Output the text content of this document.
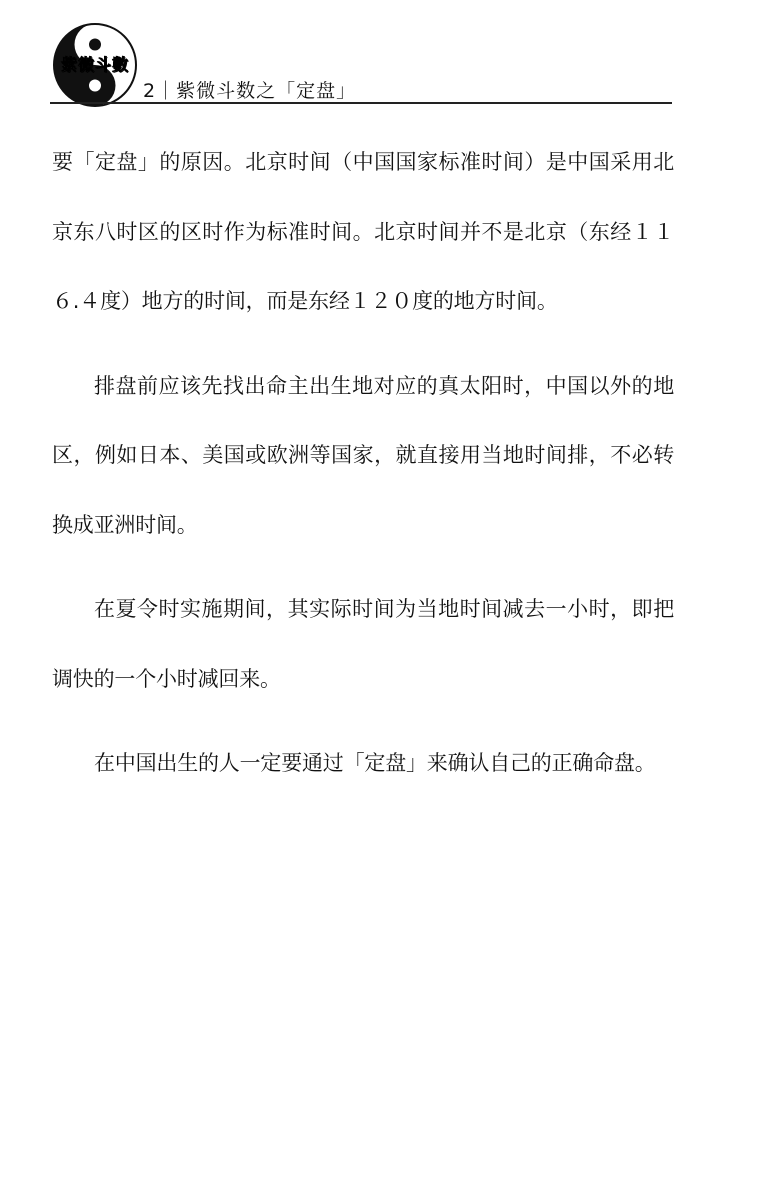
紫微斗數
2｜紫微斗数之「定盘」

要「定盘」的原因。北京时间（中国国家标准时间）是中国采用北京东八时区的区时作为标准时间。北京时间并不是北京（东经１１６.４度）地方的时间，而是东经１２０度的地方时间。

排盘前应该先找出命主出生地对应的真太阳时，中国以外的地区，例如日本、美国或欧洲等国家，就直接用当地时间排，不必转换成亚洲时间。

在夏令时实施期间，其实际时间为当地时间减去一小时，即把调快的一个小时减回来。

在中国出生的人一定要通过「定盘」来确认自己的正确命盘。
